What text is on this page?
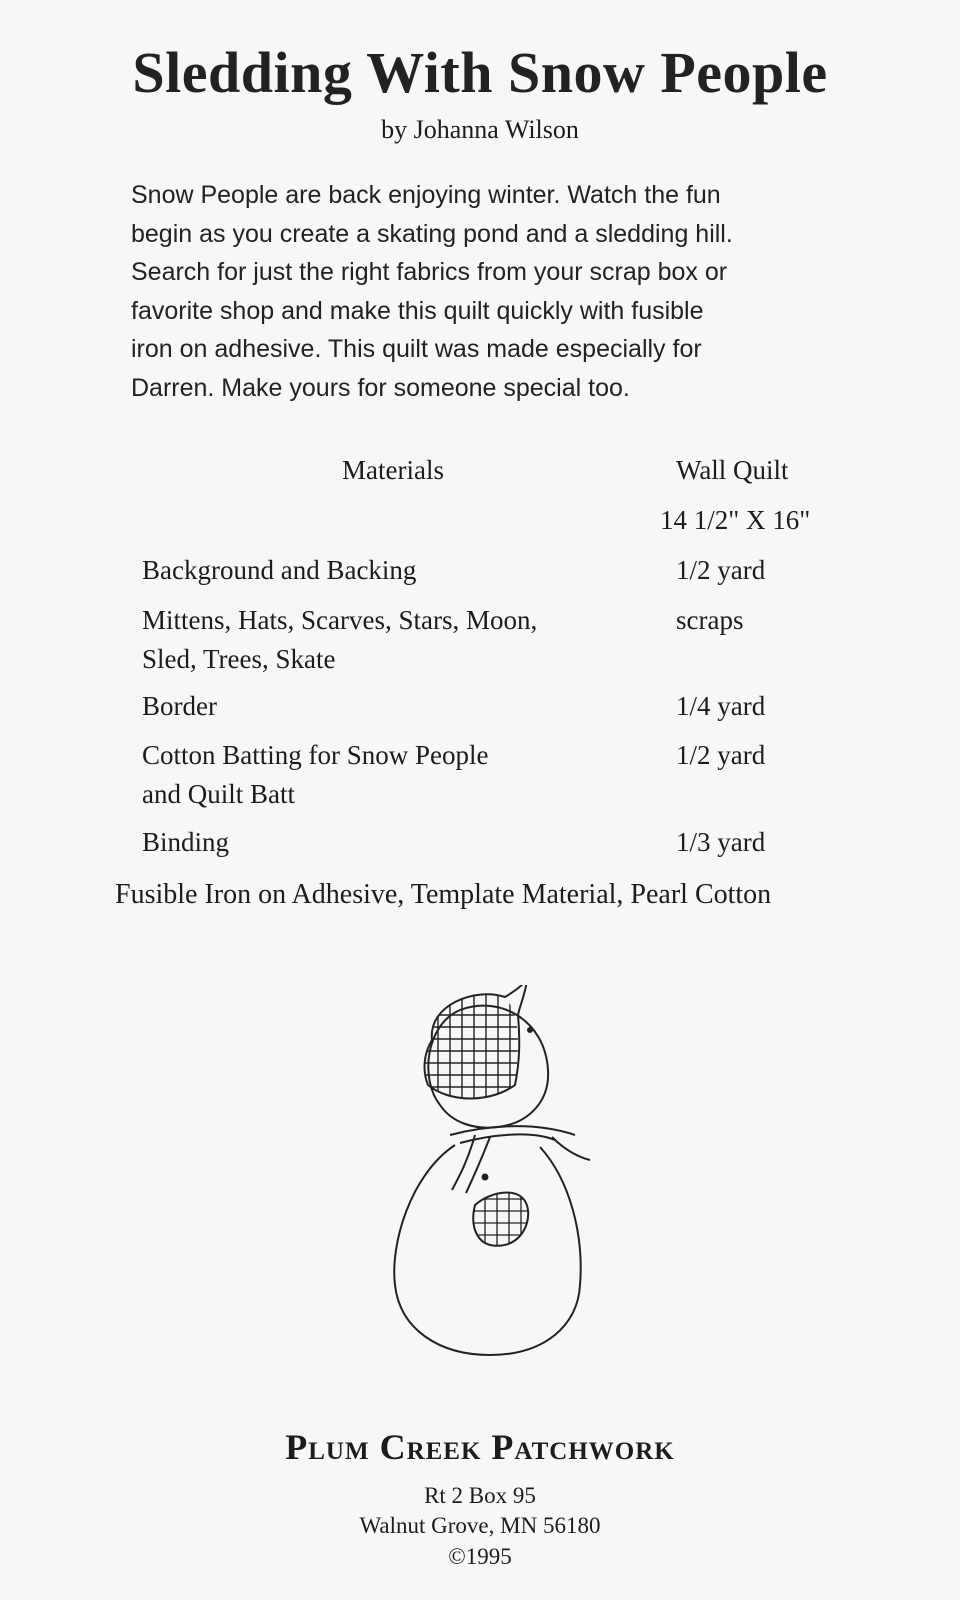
Sledding With Snow People
by Johanna Wilson
Snow People are back enjoying winter. Watch the fun
begin as you create a skating pond and a sledding hill.
Search for just the right fabrics from your scrap box or
favorite shop and make this quilt quickly with fusible
iron on adhesive. This quilt was made especially for
Darren. Make yours for someone special too.
Materials	Wall Quilt
14 1/2" X 16"
Background and Backing	1/2 yard
Mittens, Hats, Scarves, Stars, Moon,
Sled, Trees, Skate
scraps
Border	1/4 yard
Cotton Batting for Snow People
and Quilt Batt
1/2 yard
Binding	1/3 yard
Fusible Iron on Adhesive, Template Material, Pearl Cotton
Plum Creek Patchwork
Rt 2 Box 95
Walnut Grove, MN 56180
©1995
